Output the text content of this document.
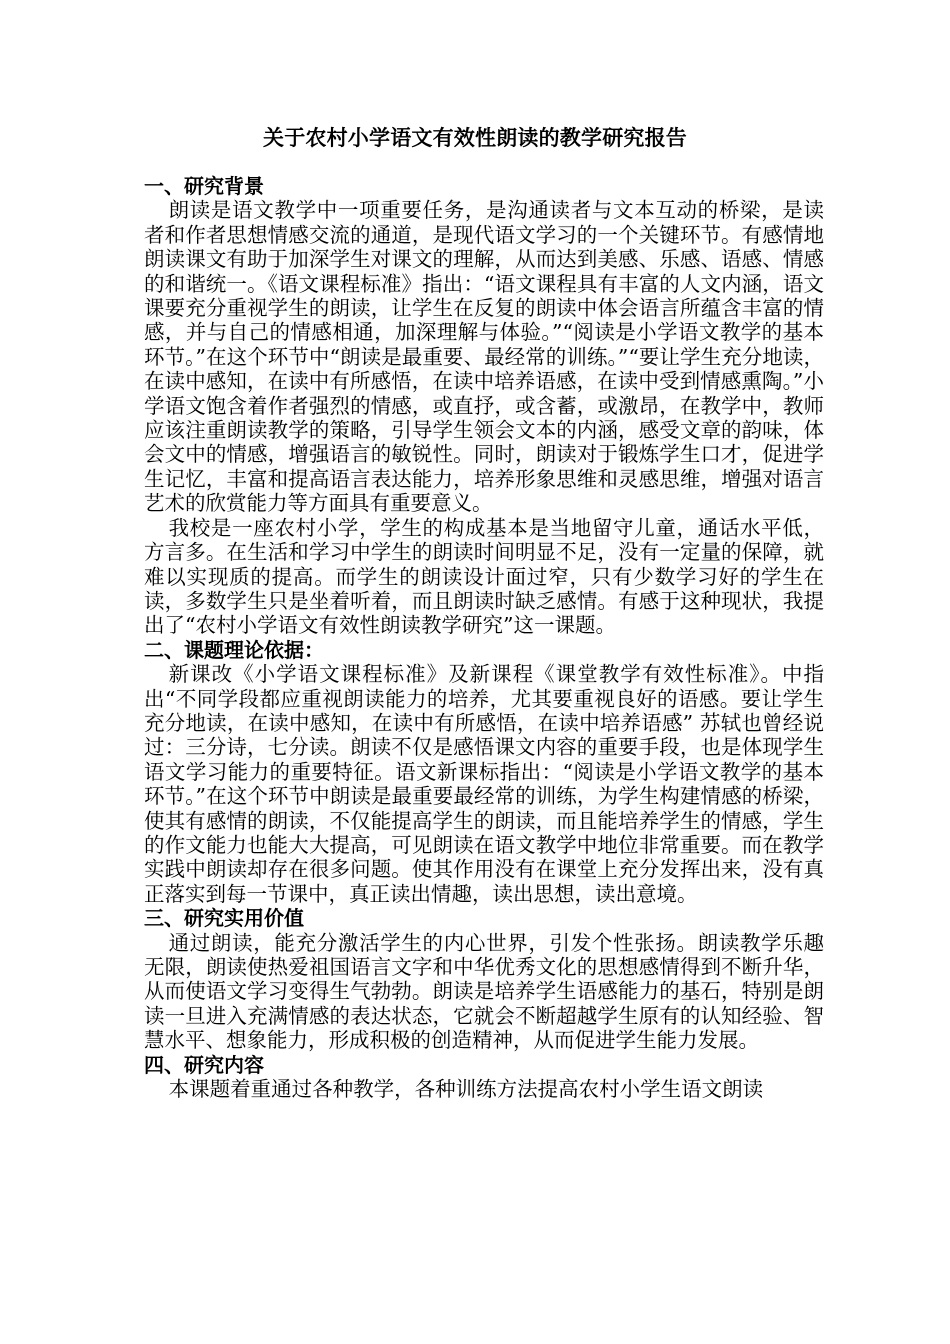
关于农村小学语文有效性朗读的教学研究报告
一、研究背景

朗读是语文教学中一项重要任务，是沟通读者与文本互动的桥梁，是读者和作者思想情感交流的通道，是现代语文学习的一个关键环节。有感情地朗读课文有助于加深学生对课文的理解，从而达到美感、乐感、语感、情感的和谐统一。《语文课程标准》指出：“语文课程具有丰富的人文内涵，语文课要充分重视学生的朗读，让学生在反复的朗读中体会语言所蕴含丰富的情感，并与自己的情感相通，加深理解与体验。”“阅读是小学语文教学的基本环节。”在这个环节中“朗读是最重要、最经常的训练。”“要让学生充分地读，在读中感知，在读中有所感悟，在读中培养语感，在读中受到情感熏陶。”小学语文饱含着作者强烈的情感，或直抒，或含蓄，或激昂，在教学中，教师应该注重朗读教学的策略，引导学生领会文本的内涵，感受文章的韵味，体会文中的情感，增强语言的敏锐性。同时，朗读对于锻炼学生口才，促进学生记忆，丰富和提高语言表达能力，培养形象思维和灵感思维，增强对语言艺术的欣赏能力等方面具有重要意义。

我校是一座农村小学，学生的构成基本是当地留守儿童，通话水平低，方言多。在生活和学习中学生的朗读时间明显不足，没有一定量的保障，就难以实现质的提高。而学生的朗读设计面过窄，只有少数学习好的学生在读，多数学生只是坐着听着，而且朗读时缺乏感情。有感于这种现状，我提出了“农村小学语文有效性朗读教学研究”这一课题。

二、课题理论依据：

新课改《小学语文课程标准》及新课程《课堂教学有效性标准》。中指出“不同学段都应重视朗读能力的培养，尤其要重视良好的语感。要让学生充分地读，在读中感知，在读中有所感悟，在读中培养语感” 苏轼也曾经说过：三分诗，七分读。朗读不仅是感悟课文内容的重要手段，也是体现学生语文学习能力的重要特征。语文新课标指出：“阅读是小学语文教学的基本环节。”在这个环节中朗读是最重要最经常的训练，为学生构建情感的桥梁，使其有感情的朗读，不仅能提高学生的朗读，而且能培养学生的情感，学生的作文能力也能大大提高，可见朗读在语文教学中地位非常重要。而在教学实践中朗读却存在很多问题。使其作用没有在课堂上充分发挥出来，没有真正落实到每一节课中，真正读出情趣，读出思想，读出意境。

三、研究实用价值

通过朗读，能充分激活学生的内心世界，引发个性张扬。朗读教学乐趣无限，朗读使热爱祖国语言文字和中华优秀文化的思想感情得到不断升华，从而使语文学习变得生气勃勃。朗读是培养学生语感能力的基石，特别是朗读一旦进入充满情感的表达状态，它就会不断超越学生原有的认知经验、智慧水平、想象能力，形成积极的创造精神，从而促进学生能力发展。

四、研究内容

本课题着重通过各种教学，各种训练方法提高农村小学生语文朗读
